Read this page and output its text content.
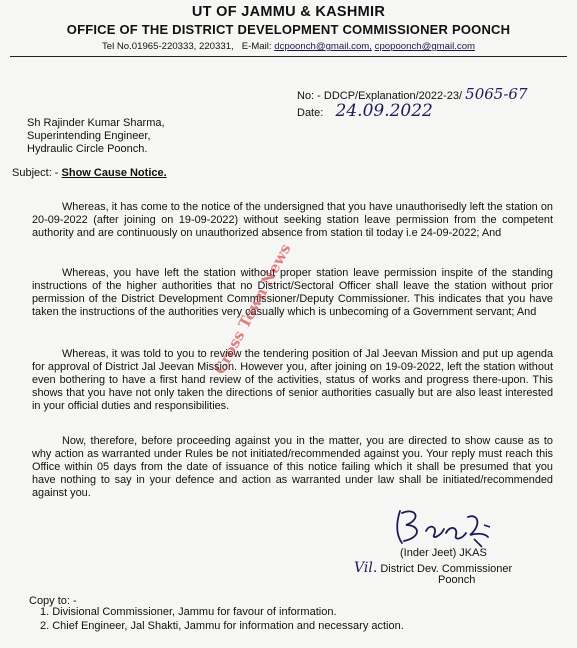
UT OF JAMMU & KASHMIR
OFFICE OF THE DISTRICT DEVELOPMENT COMMISSIONER POONCH
Tel No.01965-220333, 220331, E-Mail: dcpoonch@gmail.com, cpopoonch@gmail.com
No: - DDCP/Explanation/2022-23/ 5065-67
Date: 24.09.2022
Sh Rajinder Kumar Sharma,
Superintending Engineer,
Hydraulic Circle Poonch.
Subject: - Show Cause Notice.
Whereas, it has come to the notice of the undersigned that you have unauthorisedly left the station on 20-09-2022 (after joining on 19-09-2022) without seeking station leave permission from the competent authority and are continuously on unauthorized absence from station til today i.e 24-09-2022; And
Whereas, you have left the station without proper station leave permission inspite of the standing instructions of the higher authorities that no District/Sectoral Officer shall leave the station without prior permission of the District Development Commissioner/Deputy Commissioner. This indicates that you have taken the instructions of the authorities very casually which is unbecoming of a Government servant; And
Whereas, it was told to you to review the tendering position of Jal Jeevan Mission and put up agenda for approval of District Jal Jeevan Mission. However you, after joining on 19-09-2022, left the station without even bothering to have a first hand review of the activities, status of works and progress there-upon. This shows that you have not only taken the directions of senior authorities casually but are also least interested in your official duties and responsibilities.
Now, therefore, before proceeding against you in the matter, you are directed to show cause as to why action as warranted under Rules be not initiated/recommended against you. Your reply must reach this Office within 05 days from the date of issuance of this notice failing which it shall be presumed that you have nothing to say in your defence and action as warranted under law shall be initiated/recommended against you.
Cross Town News
(Inder Jeet) JKAS
Vil. District Dev. Commissioner
Poonch
Copy to: -
1. Divisional Commissioner, Jammu for favour of information.
2. Chief Engineer, Jal Shakti, Jammu for information and necessary action.
